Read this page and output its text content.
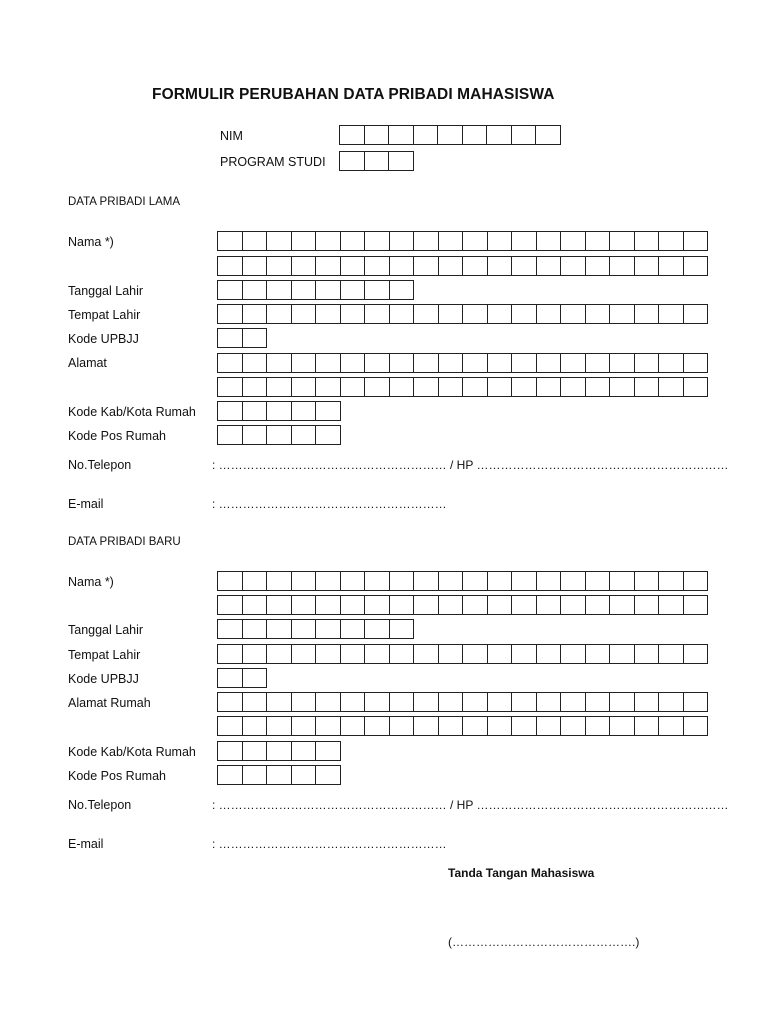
FORMULIR PERUBAHAN DATA PRIBADI MAHASISWA
NIM
PROGRAM STUDI
DATA PRIBADI LAMA
Nama *)
Tanggal Lahir
Tempat Lahir
Kode UPBJJ
Alamat
Kode Kab/Kota Rumah
Kode Pos Rumah
No.Telepon	: ………………………………………………… / HP ………………………………………………………
E-mail	: …………………………………………………
DATA PRIBADI BARU
Nama *)
Tanggal Lahir
Tempat Lahir
Kode UPBJJ
Alamat Rumah
Kode Kab/Kota Rumah
Kode Pos Rumah
No.Telepon	: ………………………………………………… / HP ………………………………………………………
E-mail	: …………………………………………………
Tanda Tangan Mahasiswa
(……………………………………….)
